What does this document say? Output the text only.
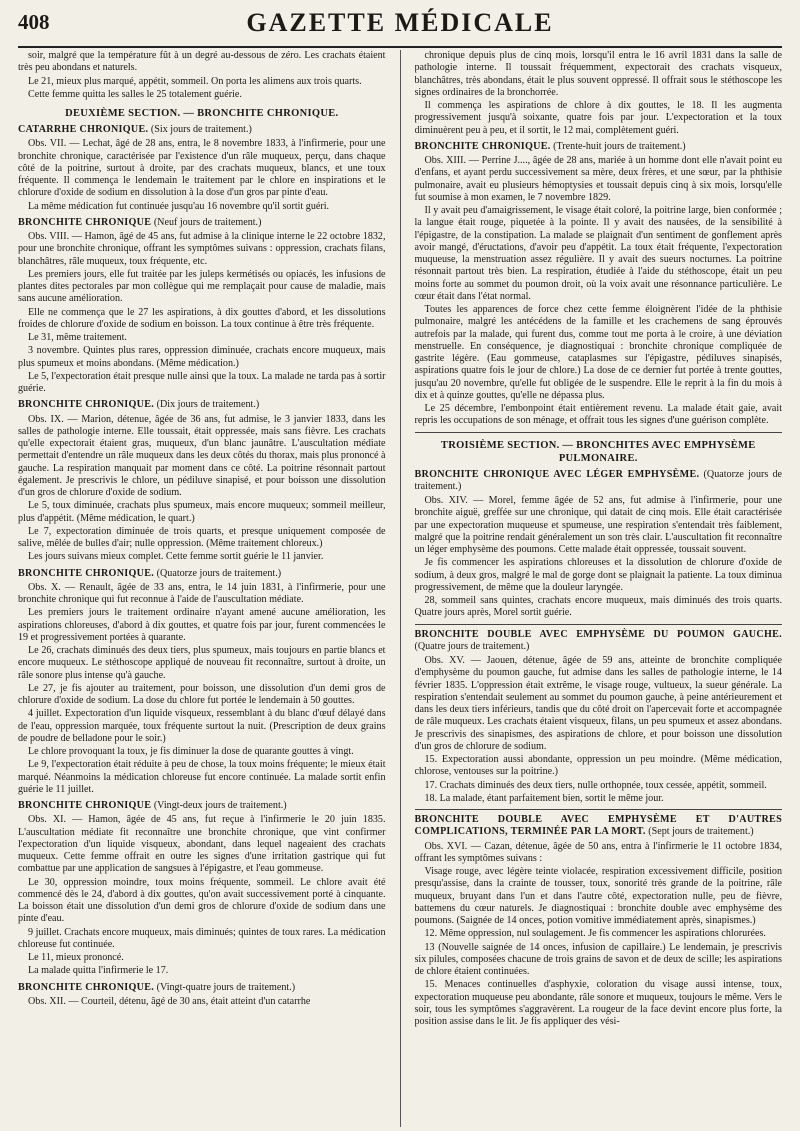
408	GAZETTE MÉDICALE

soir, malgré que la température fût à un degré au-dessous de zéro. Les crachats étaient très peu abondans et naturels.

Le 21, mieux plus marqué, appétit, sommeil. On porta les alimens aux trois quarts.

Cette femme quitta les salles le 25 totalement guérie.

DEUXIÈME SECTION. — BRONCHITE CHRONIQUE.

CATARRHE CHRONIQUE. (Six jours de traitement.)

Obs. VII. — Lechat, âgé de 28 ans, entra, le 8 novembre 1833, à l'infirmerie, pour une bronchite chronique, caractérisée par l'existence d'un râle muqueux, perçu, dans chaque côté de la poitrine, surtout à droite, par des crachats muqueux, blancs, et une toux fréquente. Il commença le lendemain le traitement par le chlore en inspirations et le chlorure d'oxide de sodium en dissolution à la dose d'un gros par pinte d'eau.

La même médication fut continuée jusqu'au 16 novembre qu'il sortit guéri.

BRONCHITE CHRONIQUE (Neuf jours de traitement.)

Obs. VIII. — Hamon, âgé de 45 ans, fut admise à la clinique interne le 22 octobre 1832, pour une bronchite chronique, offrant les symptômes suivans : oppression, crachats filans, blanchâtres, râle muqueux, toux fréquente, etc.

Les premiers jours, elle fut traitée par les juleps kermétisés ou opiacés, les infusions de plantes dites pectorales par mon collègue qui me remplaçait pour cause de maladie, mais sans aucune amélioration.

Elle ne commença que le 27 les aspirations, à dix gouttes d'abord, et les dissolutions froides de chlorure d'oxide de sodium en boisson. La toux continue à être très fréquente.

Le 31, même traitement.

3 novembre. Quintes plus rares, oppression diminuée, crachats encore muqueux, mais plus spumeux et moins abondans. (Même médication.)

Le 5, l'expectoration était presque nulle ainsi que la toux. La malade ne tarda pas à sortir guérie.

BRONCHITE CHRONIQUE. (Dix jours de traitement.)

Obs. IX. — Marion, détenue, âgée de 36 ans, fut admise, le 3 janvier 1833, dans les salles de pathologie interne. Elle toussait, était oppressée, mais sans fièvre. Les crachats qu'elle expectorait étaient gras, muqueux, d'un blanc jaunâtre. L'auscultation médiate permettait d'entendre un râle muqueux dans les deux côtés du thorax, mais plus prononcé à gauche. La respiration manquait par moment dans ce côté. La poitrine résonnait partout également. Je prescrivis le chlore, un pédiluve sinapisé, et pour boisson une dissolution d'un gros de chlorure d'oxide de sodium.

Le 5, toux diminuée, crachats plus spumeux, mais encore muqueux; sommeil meilleur, plus d'appétit. (Même médication, le quart.)

Le 7, expectoration diminuée de trois quarts, et presque uniquement composée de salive, mêlée de bulles d'air; nulle oppression. (Même traitement chloreux.)

Les jours suivans mieux complet. Cette femme sortit guérie le 11 janvier.

BRONCHITE CHRONIQUE. (Quatorze jours de traitement.)

Obs. X. — Renault, âgée de 33 ans, entra, le 14 juin 1831, à l'infirmerie, pour une bronchite chronique qui fut reconnue à l'aide de l'auscultation médiate.

Les premiers jours le traitement ordinaire n'ayant amené aucune amélioration, les aspirations chloreuses, d'abord à dix gouttes, et quatre fois par jour, furent commencées le 19 et progressivement portées à quarante.

Le 26, crachats diminués des deux tiers, plus spumeux, mais toujours en partie blancs et encore muqueux. Le stéthoscope appliqué de nouveau fit reconnaître, surtout à droite, un râle sonore plus intense qu'à gauche.

Le 27, je fis ajouter au traitement, pour boisson, une dissolution d'un demi gros de chlorure d'oxide de sodium. La dose du chlore fut portée le lendemain à 50 gouttes.

4 juillet. Expectoration d'un liquide visqueux, ressemblant à du blanc d'œuf délayé dans de l'eau, oppression marquée, toux fréquente surtout la nuit. (Prescription de deux grains de poudre de belladone pour le soir.)

Le chlore provoquant la toux, je fis diminuer la dose de quarante gouttes à vingt.

Le 9, l'expectoration était réduite à peu de chose, la toux moins fréquente; le mieux était marqué. Néanmoins la médication chloreuse fut encore continuée. La malade sortit enfin guérie le 11 juillet.

BRONCHITE CHRONIQUE (Vingt-deux jours de traitement.)

Obs. XI. — Hamon, âgée de 45 ans, fut reçue à l'infirmerie le 20 juin 1835. L'auscultation médiate fit reconnaître une bronchite chronique, que vint confirmer l'expectoration d'un liquide visqueux, abondant, dans lequel nageaient des crachats muqueux. Cette femme offrait en outre les signes d'une irritation gastrique qui fut combattue par une application de sangsues à l'épigastre, et l'eau gommeuse.

Le 30, oppression moindre, toux moins fréquente, sommeil. Le chlore avait été commencé dès le 24, d'abord à dix gouttes, qu'on avait successivement porté à cinquante. La boisson était une dissolution d'un demi gros de chlorure d'oxide de sodium dans une pinte d'eau.

9 juillet. Crachats encore muqueux, mais diminués; quintes de toux rares. La médication chloreuse fut continuée.

Le 11, mieux prononcé.

La malade quitta l'infirmerie le 17.

BRONCHITE CHRONIQUE. (Vingt-quatre jours de traitement.)

Obs. XII. — Courteil, détenu, âgé de 30 ans, était atteint d'un catarrhe

chronique depuis plus de cinq mois, lorsqu'il entra le 16 avril 1831 dans la salle de pathologie interne. Il toussait fréquemment, expectorait des crachats visqueux, blanchâtres, très abondans, était le plus souvent oppressé. Il offrait sous le stéthoscope les signes ordinaires de la bronchorrée.

Il commença les aspirations de chlore à dix gouttes, le 18. Il les augmenta progressivement jusqu'à soixante, quatre fois par jour. L'expectoration et la toux diminuèrent peu à peu, et il sortit, le 12 mai, complètement guéri.

BRONCHITE CHRONIQUE. (Trente-huit jours de traitement.)

Obs. XIII. — Perrine J...., âgée de 28 ans, mariée à un homme dont elle n'avait point eu d'enfans, et ayant perdu successivement sa mère, deux frères, et une sœur, par la phthisie pulmonaire, avait eu plusieurs hémoptysies et toussait depuis cinq à six mois, lorsqu'elle fut soumise à mon examen, le 7 novembre 1829.

Il y avait peu d'amaigrissement, le visage était coloré, la poitrine large, bien conformée ; la langue était rouge, piquetée à la pointe. Il y avait des nausées, de la sensibilité à l'épigastre, de la constipation. La malade se plaignait d'un sentiment de gonflement après avoir mangé, d'éructations, d'avoir peu d'appétit. La toux était fréquente, l'expectoration muqueuse, la menstruation assez régulière. Il y avait des sueurs nocturnes. La poitrine résonnait partout très bien. La respiration, étudiée à l'aide du stéthoscope, était un peu moins forte au sommet du poumon droit, où la voix avait une résonnance particulière. Le cœur était dans l'état normal.

Toutes les apparences de force chez cette femme éloignèrent l'idée de la phthisie pulmonaire, malgré les antécédens de la famille et les crachemens de sang éprouvés autrefois par la malade, qui furent dus, comme tout me porta à le croire, à une déviation menstruelle. En conséquence, je diagnostiquai : bronchite chronique compliquée de gastrite légère. (Eau gommeuse, cataplasmes sur l'épigastre, pédiluves sinapisés, aspirations quatre fois le jour de chlore.) La dose de ce dernier fut portée à trente gouttes, jusqu'au 20 novembre, qu'elle fut obligée de le suspendre. Elle le reprit à la fin du mois à dix et à quinze gouttes, qu'elle ne dépassa plus.

Le 25 décembre, l'embonpoint était entièrement revenu. La malade était gaie, avait repris les occupations de son ménage, et offrait tous les signes d'une guérison complète.

TROISIÈME SECTION. — BRONCHITES AVEC EMPHYSÈME PULMONAIRE.

BRONCHITE CHRONIQUE AVEC LÉGER EMPHYSÈME. (Quatorze jours de traitement.)

Obs. XIV. — Morel, femme âgée de 52 ans, fut admise à l'infirmerie, pour une bronchite aiguë, greffée sur une chronique, qui datait de cinq mois. Elle était caractérisée par une expectoration muqueuse et spumeuse, une respiration s'entendait très faiblement, malgré que la poitrine rendait généralement un son très clair. L'auscultation fit reconnaître un léger emphysème des poumons. Cette malade était oppressée, toussait souvent.

Je fis commencer les aspirations chloreuses et la dissolution de chlorure d'oxide de sodium, à deux gros, malgré le mal de gorge dont se plaignait la patiente. La toux diminua progressivement, de même que la douleur laryngée.

28, sommeil sans quintes, crachats encore muqueux, mais diminués des trois quarts. Quatre jours après, Morel sortit guérie.

BRONCHITE DOUBLE AVEC EMPHYSÈME DU POUMON GAUCHE. (Quatre jours de traitement.)

Obs. XV. — Jaouen, détenue, âgée de 59 ans, atteinte de bronchite compliquée d'emphysème du poumon gauche, fut admise dans les salles de pathologie interne, le 14 février 1835. L'oppression était extrême, le visage rouge, vultueux, la sueur générale. La respiration s'entendait seulement au sommet du poumon gauche, à peine antérieurement et dans les deux tiers inférieurs, tandis que du côté droit on l'apercevait forte et accompagnée de râle muqueux. Les crachats étaient visqueux, filans, un peu spumeux et assez abondans. Je prescrivis des sinapismes, des aspirations de chlore, et pour boisson une dissolution d'un gros de chlorure de sodium.

15. Expectoration aussi abondante, oppression un peu moindre. (Même médication, chlorose, ventouses sur la poitrine.)

17. Crachats diminués des deux tiers, nulle orthopnée, toux cessée, appétit, sommeil.

18. La malade, étant parfaitement bien, sortit le même jour.

BRONCHITE DOUBLE AVEC EMPHYSÈME ET D'AUTRES COMPLICATIONS, TERMINÉE PAR LA MORT. (Sept jours de traitement.)

Obs. XVI. — Cazan, détenue, âgée de 50 ans, entra à l'infirmerie le 11 octobre 1834, offrant les symptômes suivans :

Visage rouge, avec légère teinte violacée, respiration excessivement difficile, position presqu'assise, dans la crainte de tousser, toux, sonorité très grande de la poitrine, râle muqueux, bruyant dans l'un et dans l'autre côté, expectoration nulle, peu de fièvre, battemens du cœur naturels. Je diagnostiquai : bronchite double avec emphysème des poumons. (Saignée de 14 onces, potion vomitive immédiatement après, sinapismes.)

12. Même oppression, nul soulagement. Je fis commencer les aspirations chlorurées.

13 (Nouvelle saignée de 14 onces, infusion de capillaire.) Le lendemain, je prescrivis six pilules, composées chacune de trois grains de savon et de deux de scille; les aspirations de chlore étaient continuées.

15. Menaces continuelles d'asphyxie, coloration du visage aussi intense, toux, expectoration muqueuse peu abondante, râle sonore et muqueux, toujours le même. Vers le soir, tous les symptômes s'aggravèrent. La rougeur de la face devint encore plus forte, la position assise dans le lit. Je fis appliquer des vési-
